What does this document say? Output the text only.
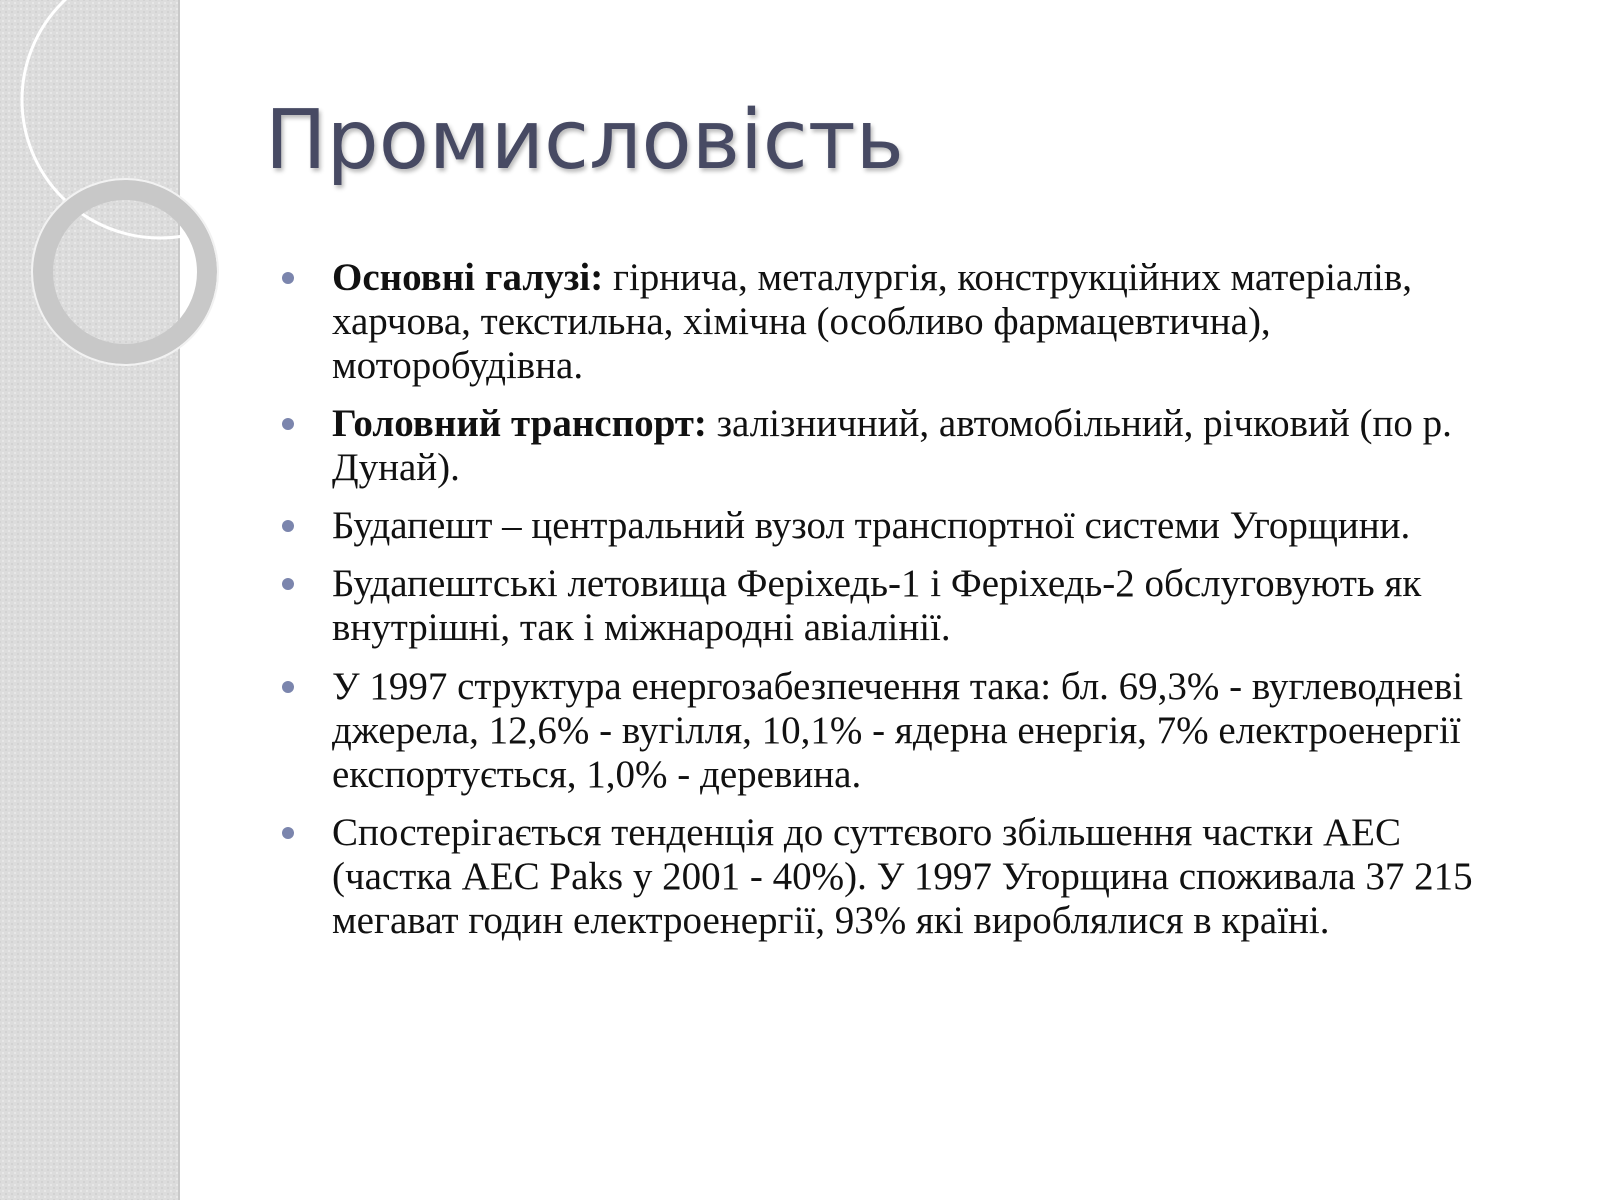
Промисловість
Основні галузі: гірнича, металургія, конструкційних матеріалів, харчова, текстильна, хімічна (особливо фармацевтична), моторобудівна.
Головний транспорт: залізничний, автомобільний, річковий (по р. Дунай).
Будапешт – центральний вузол транспортної системи Угорщини.
Будапештські летовища Феріхедь-1 і Феріхедь-2 обслуговують як внутрішні, так і міжнародні авіалінії.
У 1997 структура енергозабезпечення така: бл. 69,3% - вуглеводневі джерела, 12,6% - вугілля, 10,1% - ядерна енергія, 7% електроенергії експортується, 1,0% - деревина.
Спостерігається тенденція до суттєвого збільшення частки АЕС (частка АЕС Paks у 2001 - 40%). У 1997 Угорщина споживала 37 215 мегават годин електроенергії, 93% які вироблялися в країні.
